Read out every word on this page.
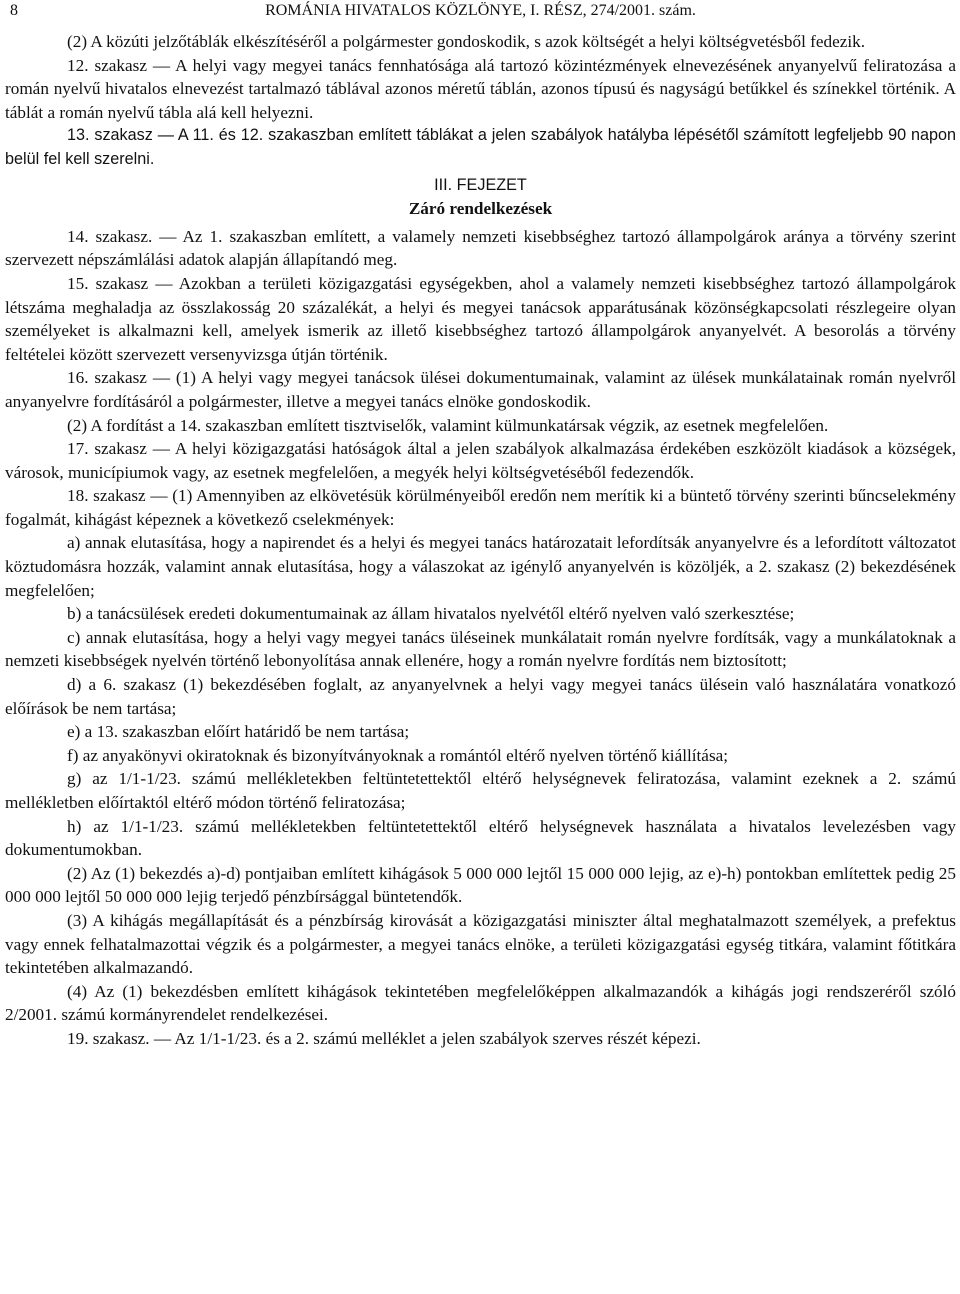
8	ROMÁNIA HIVATALOS KÖZLÖNYE, I. RÉSZ, 274/2001. szám.

(2) A közúti jelzőtáblák elkészítéséről a polgármester gondoskodik, s azok költségét a helyi költségvetésből fedezik.

12. szakasz — A helyi vagy megyei tanács fennhatósága alá tartozó közintézmények elnevezésének anyanyelvű feliratozása a román nyelvű hivatalos elnevezést tartalmazó táblával azonos méretű táblán, azonos típusú és nagyságú betűkkel és színekkel történik. A táblát a román nyelvű tábla alá kell helyezni.

13. szakasz — A 11. és 12. szakaszban említett táblákat a jelen szabályok hatályba lépésétől számított legfeljebb 90 napon belül fel kell szerelni.

III. FEJEZET

Záró rendelkezések

14. szakasz. — Az 1. szakaszban említett, a valamely nemzeti kisebbséghez tartozó állampolgárok aránya a törvény szerint szervezett népszámlálási adatok alapján állapítandó meg.

15. szakasz — Azokban a területi közigazgatási egységekben, ahol a valamely nemzeti kisebbséghez tartozó állampolgárok létszáma meghaladja az összlakosság 20 százalékát, a helyi és megyei tanácsok apparátusának közönségkapcsolati részlegeire olyan személyeket is alkalmazni kell, amelyek ismerik az illető kisebbséghez tartozó állampolgárok anyanyelvét. A besorolás a törvény feltételei között szervezett versenyvizsga útján történik.

16. szakasz — (1) A helyi vagy megyei tanácsok ülései dokumentumainak, valamint az ülések munkálatainak román nyelvről anyanyelvre fordításáról a polgármester, illetve a megyei tanács elnöke gondoskodik.

(2) A fordítást a 14. szakaszban említett tisztviselők, valamint külmunkatársak végzik, az esetnek megfelelően.

17. szakasz — A helyi közigazgatási hatóságok által a jelen szabályok alkalmazása érdekében eszközölt kiadások a községek, városok, municípiumok vagy, az esetnek megfelelően, a megyék helyi költségvetéséből fedezendők.

18. szakasz — (1) Amennyiben az elkövetésük körülményeiből eredőn nem merítik ki a büntető törvény szerinti bűncselekmény fogalmát, kihágást képeznek a következő cselekmények:

a) annak elutasítása, hogy a napirendet és a helyi és megyei tanács határozatait lefordítsák anyanyelvre és a lefordított változatot köztudomásra hozzák, valamint annak elutasítása, hogy a válaszokat az igénylő anyanyelvén is közöljék, a 2. szakasz (2) bekezdésének megfelelően;

b) a tanácsülések eredeti dokumentumainak az állam hivatalos nyelvétől eltérő nyelven való szerkesztése;

c) annak elutasítása, hogy a helyi vagy megyei tanács üléseinek munkálatait román nyelvre fordítsák, vagy a munkálatoknak a nemzeti kisebbségek nyelvén történő lebonyolítása annak ellenére, hogy a román nyelvre fordítás nem biztosított;

d) a 6. szakasz (1) bekezdésében foglalt, az anyanyelvnek a helyi vagy megyei tanács ülésein való használatára vonatkozó előírások be nem tartása;

e) a 13. szakaszban előírt határidő be nem tartása;

f) az anyakönyvi okiratoknak és bizonyítványoknak a romántól eltérő nyelven történő kiállítása;

g) az 1/1-1/23. számú mellékletekben feltüntetettektől eltérő helységnevek feliratozása, valamint ezeknek a 2. számú mellékletben előírtaktól eltérő módon történő feliratozása;

h) az 1/1-1/23. számú mellékletekben feltüntetettektől eltérő helységnevek használata a hivatalos levelezésben vagy dokumentumokban.

(2) Az (1) bekezdés a)-d) pontjaiban említett kihágások 5 000 000 lejtől 15 000 000 lejig, az e)-h) pontokban említettek pedig 25 000 000 lejtől 50 000 000 lejig terjedő pénzbírsággal büntetendők.

(3) A kihágás megállapítását és a pénzbírság kirovását a közigazgatási miniszter által meghatalmazott személyek, a prefektus vagy ennek felhatalmazottai végzik és a polgármester, a megyei tanács elnöke, a területi közigazgatási egység titkára, valamint főtitkára tekintetében alkalmazandó.

(4) Az (1) bekezdésben említett kihágások tekintetében megfelelőképpen alkalmazandók a kihágás jogi rendszeréről szóló 2/2001. számú kormányrendelet rendelkezései.

19. szakasz. — Az 1/1-1/23. és a 2. számú melléklet a jelen szabályok szerves részét képezi.
